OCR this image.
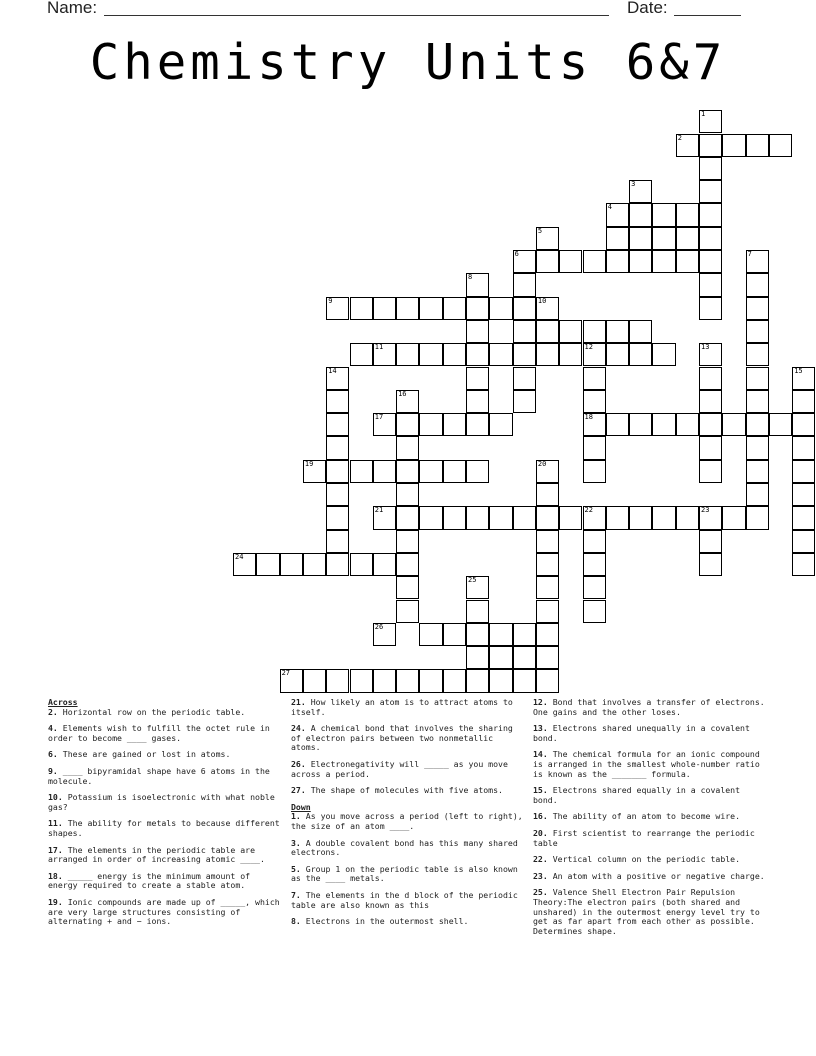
Name:	Date:
Chemistry Units 6&7
1
2
3
4
6
9
8
11	12
14
18
13
15
16
17
19	20
21	22	23
24
25
26
27
5
7
10
Across
2. Horizontal row on the periodic table.
4. Elements wish to fulfill the octet rule in order to become ____ gases.
6. These are gained or lost in atoms.
9. ____ bipyramidal shape have 6 atoms in the molecule.
10. Potassium is isoelectronic with what noble gas?
11. The ability for metals to because different shapes.
17. The elements in the periodic table are arranged in order of increasing atomic ____.
18. _____ energy is the minimum amount of energy required to create a stable atom.
19. Ionic compounds are made up of _____, which are very large structures consisting of alternating + and − ions.
21. How likely an atom is to attract atoms to itself.
24. A chemical bond that involves the sharing of electron pairs between two nonmetallic atoms.
26. Electronegativity will _____ as you move across a period.
27. The shape of molecules with five atoms.
Down
1. As you move across a period (left to right), the size of an atom ____.
3. A double covalent bond has this many shared electrons.
5. Group 1 on the periodic table is also known as the ____ metals.
7. The elements in the d block of the periodic table are also known as this
8. Electrons in the outermost shell.
12. Bond that involves a transfer of electrons. One gains and the other loses.
13. Electrons shared unequally in a covalent bond.
14. The chemical formula for an ionic compound is arranged in the smallest whole-number ratio is known as the _______ formula.
15. Electrons shared equally in a covalent bond.
16. The ability of an atom to become wire.
20. First scientist to rearrange the periodic table
22. Vertical column on the periodic table.
23. An atom with a positive or negative charge.
25. Valence Shell Electron Pair Repulsion Theory:The electron pairs (both shared and unshared) in the outermost energy level try to get as far apart from each other as possible. Determines shape.
